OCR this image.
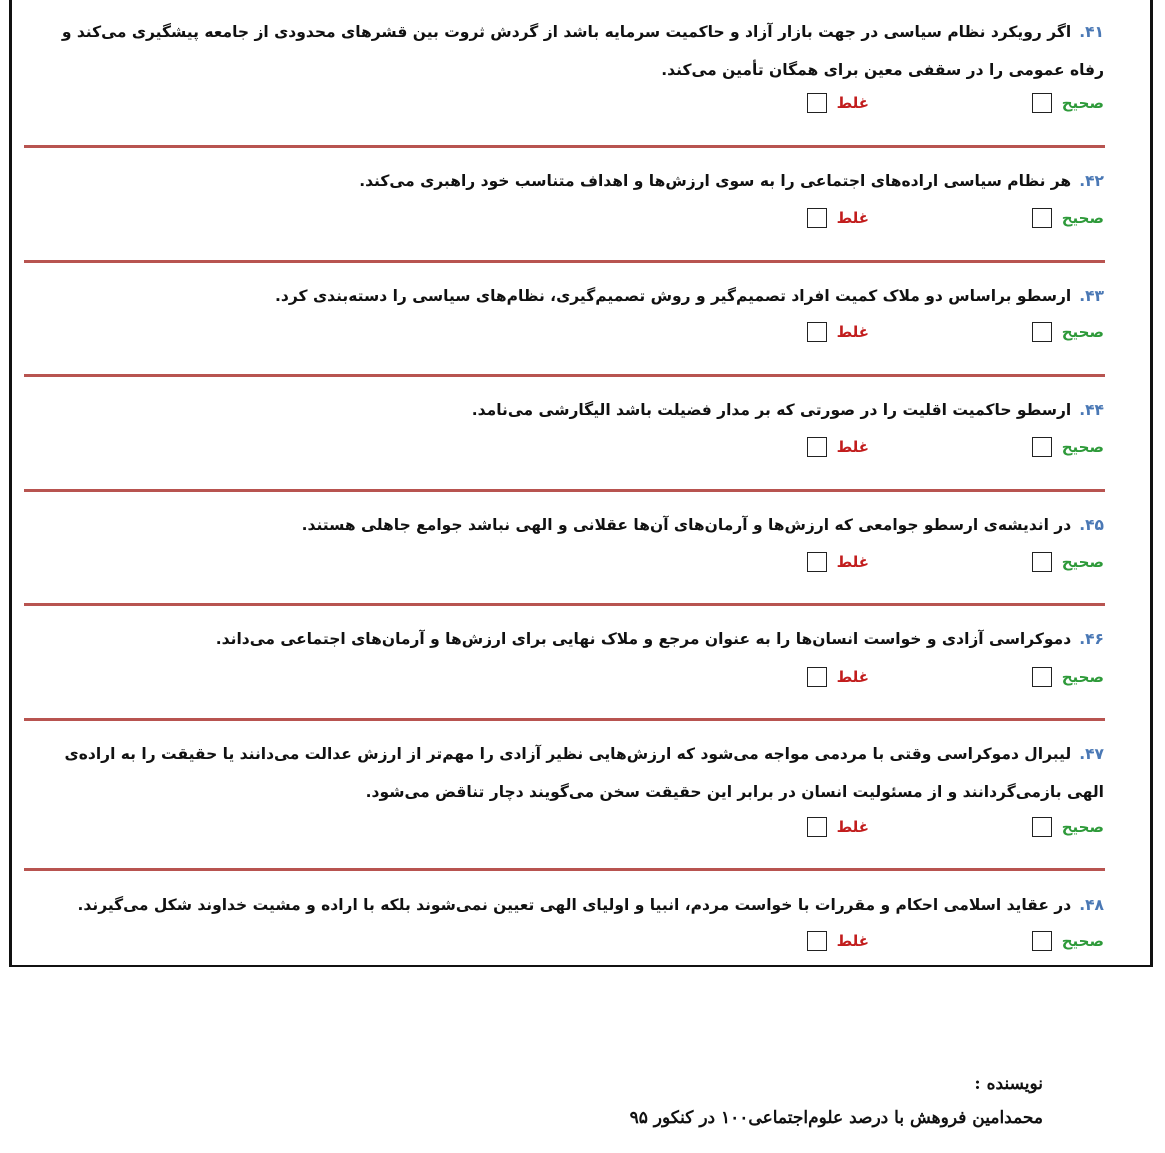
۴۱.اگر رویکرد نظام سیاسی در جهت بازار آزاد و حاکمیت سرمایه باشد از گردش ثروت بین قشرهای محدودی از جامعه پیشگیری می‌کند و رفاه عمومی را در سقفی معین برای همگان تأمین می‌کند.
صحیح
غلط
۴۲.هر نظام سیاسی اراده‌های اجتماعی را به سوی ارزش‌ها و اهداف متناسب خود راهبری می‌کند.
صحیح
غلط
۴۳.ارسطو براساس دو ملاک کمیت افراد تصمیم‌گیر و روش تصمیم‌گیری، نظام‌های سیاسی را دسته‌بندی کرد.
صحیح
غلط
۴۴.ارسطو حاکمیت اقلیت را در صورتی که بر مدار فضیلت باشد الیگارشی می‌نامد.
صحیح
غلط
۴۵.در اندیشه‌ی ارسطو جوامعی که ارزش‌ها و آرمان‌های آن‌ها عقلانی و الهی نباشد جوامع جاهلی هستند.
صحیح
غلط
۴۶.دموکراسی آزادی و خواست انسان‌ها را به عنوان مرجع و ملاک نهایی برای ارزش‌ها و آرمان‌های اجتماعی می‌داند.
صحیح
غلط
۴۷.لیبرال دموکراسی وقتی با مردمی مواجه می‌شود که ارزش‌هایی نظیر آزادی را مهم‌تر از ارزش عدالت می‌دانند یا حقیقت را به اراده‌ی الهی بازمی‌گردانند و از مسئولیت انسان در برابر این حقیقت سخن می‌گویند دچار تناقض می‌شود.
صحیح
غلط
۴۸.در عقاید اسلامی احکام و مقررات با خواست مردم، انبیا و اولیای الهی تعیین نمی‌شوند بلکه با اراده و مشیت خداوند شکل می‌گیرند.
صحیح
غلط
نویسنده :
محمدامین فروهش با درصد علوم‌اجتماعی۱۰۰ در کنکور ۹۵
